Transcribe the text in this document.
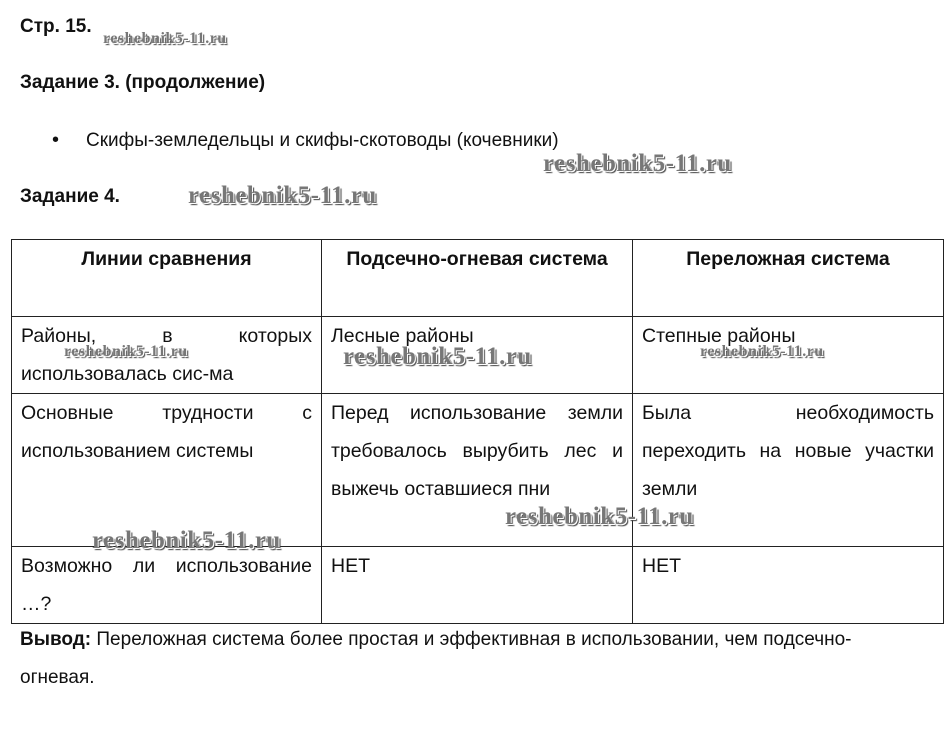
Стр. 15.
reshebnik5-11.ru
Задание 3. (продолжение)
• Скифы-земледельцы и скифы-скотоводы (кочевники)
reshebnik5-11.ru
Задание 4.	reshebnik5-11.ru
Линии сравнения	Подсечно-огневая система	Переложная система
Районы, в которых использовалась сис-ма	Лесные районы	Степные районы
Основные трудности с использованием системы	Перед использование земли требовалось вырубить лес и выжечь оставшиеся пни	Была необходимость переходить на новые участки земли
Возможно ли использование …?	НЕТ	НЕТ
reshebnik5-11.ru	reshebnik5-11.ru	reshebnik5-11.ru
reshebnik5-11.ru
reshebnik5-11.ru
Вывод: Переложная система более простая и эффективная в использовании, чем подсечно-огневая.
